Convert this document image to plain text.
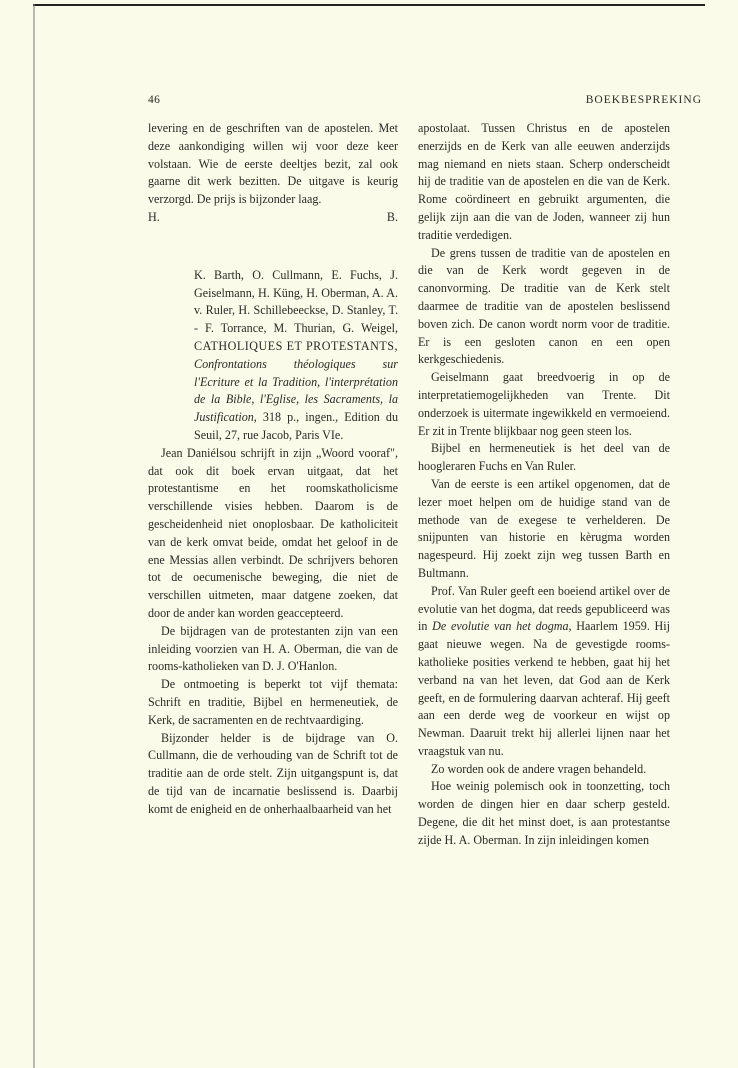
46	BOEKBESPREKING

levering en de geschriften van de apostelen. Met deze aankondiging willen wij voor deze keer volstaan. Wie de eerste deeltjes bezit, zal ook gaarne dit werk bezitten. De uitgave is keurig verzorgd. De prijs is bijzonder laag.

H.	B.

K. Barth, O. Cullmann, E. Fuchs, J. Geiselmann, H. Küng, H. Oberman, A. A. v. Ruler, H. Schillebeeckse, D. Stanley, T. - F. Torrance, M. Thurian, G. Weigel, CATHOLIQUES ET PROTESTANTS, Confrontations théologiques sur l'Ecriture et la Tradition, l'interprétation de la Bible, l'Eglise, les Sacraments, la Justification, 318 p., ingen., Edition du Seuil, 27, rue Jacob, Paris VIe.

Jean Daniélsou schrijft in zijn „Woord vooraf", dat ook dit boek ervan uitgaat, dat het protestantisme en het roomskatholicisme verschillende visies hebben. Daarom is de gescheidenheid niet onoplosbaar. De katholiciteit van de kerk omvat beide, omdat het geloof in de ene Messias allen verbindt. De schrijvers behoren tot de oecumenische beweging, die niet de verschillen uitmeten, maar datgene zoeken, dat door de ander kan worden geaccepteerd.

De bijdragen van de protestanten zijn van een inleiding voorzien van H. A. Oberman, die van de rooms-katholieken van D. J. O'Hanlon.

De ontmoeting is beperkt tot vijf themata: Schrift en traditie, Bijbel en hermeneutiek, de Kerk, de sacramenten en de rechtvaardiging.

Bijzonder helder is de bijdrage van O. Cullmann, die de verhouding van de Schrift tot de traditie aan de orde stelt. Zijn uitgangspunt is, dat de tijd van de incarnatie beslissend is. Daarbij komt de enigheid en de onherhaalbaarheid van het

apostolaat. Tussen Christus en de apostelen enerzijds en de Kerk van alle eeuwen anderzijds mag niemand en niets staan. Scherp onderscheidt hij de traditie van de apostelen en die van de Kerk. Rome coördineert en gebruikt argumenten, die gelijk zijn aan die van de Joden, wanneer zij hun traditie verdedigen.

De grens tussen de traditie van de apostelen en die van de Kerk wordt gegeven in de canonvorming. De traditie van de Kerk stelt daarmee de traditie van de apostelen beslissend boven zich. De canon wordt norm voor de traditie. Er is een gesloten canon en een open kerkgeschiedenis.

Geiselmann gaat breedvoerig in op de interpretatiemogelijkheden van Trente. Dit onderzoek is uitermate ingewikkeld en vermoeiend. Er zit in Trente blijkbaar nog geen steen los.

Bijbel en hermeneutiek is het deel van de hoogleraren Fuchs en Van Ruler.

Van de eerste is een artikel opgenomen, dat de lezer moet helpen om de huidige stand van de methode van de exegese te verhelderen. De snijpunten van historie en kèrugma worden nagespeurd. Hij zoekt zijn weg tussen Barth en Bultmann.

Prof. Van Ruler geeft een boeiend artikel over de evolutie van het dogma, dat reeds gepubliceerd was in De evolutie van het dogma, Haarlem 1959. Hij gaat nieuwe wegen. Na de gevestigde rooms-katholieke posities verkend te hebben, gaat hij het verband na van het leven, dat God aan de Kerk geeft, en de formulering daarvan achteraf. Hij geeft aan een derde weg de voorkeur en wijst op Newman. Daaruit trekt hij allerlei lijnen naar het vraagstuk van nu.

Zo worden ook de andere vragen behandeld.

Hoe weinig polemisch ook in toonzetting, toch worden de dingen hier en daar scherp gesteld. Degene, die dit het minst doet, is aan protestantse zijde H. A. Oberman. In zijn inleidingen komen
